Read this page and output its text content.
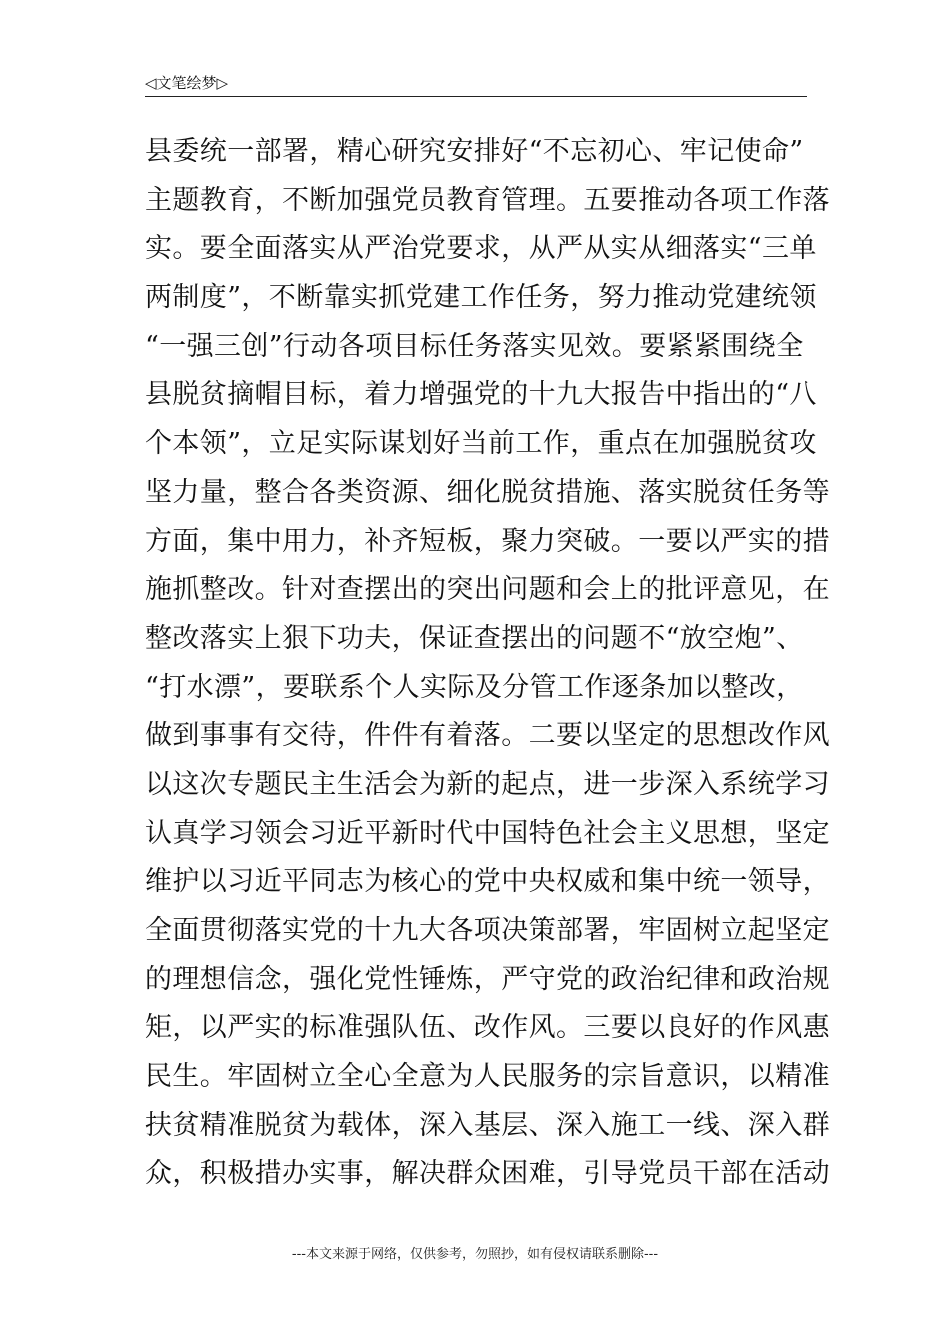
◁文笔绘梦▷
县委统一部署，精心研究安排好“不忘初心、牢记使命”
主题教育，不断加强党员教育管理。五要推动各项工作落
实。要全面落实从严治党要求，从严从实从细落实“三单
两制度”，不断靠实抓党建工作任务，努力推动党建统领
“一强三创”行动各项目标任务落实见效。要紧紧围绕全
县脱贫摘帽目标，着力增强党的十九大报告中指出的“八
个本领”，立足实际谋划好当前工作，重点在加强脱贫攻
坚力量，整合各类资源、细化脱贫措施、落实脱贫任务等
方面，集中用力，补齐短板，聚力突破。一要以严实的措
施抓整改。针对查摆出的突出问题和会上的批评意见，在
整改落实上狠下功夫，保证查摆出的问题不“放空炮”、
“打水漂”，要联系个人实际及分管工作逐条加以整改，
做到事事有交待，件件有着落。二要以坚定的思想改作风
以这次专题民主生活会为新的起点，进一步深入系统学习
认真学习领会习近平新时代中国特色社会主义思想，坚定
维护以习近平同志为核心的党中央权威和集中统一领导，
全面贯彻落实党的十九大各项决策部署，牢固树立起坚定
的理想信念，强化党性锤炼，严守党的政治纪律和政治规
矩，以严实的标准强队伍、改作风。三要以良好的作风惠
民生。牢固树立全心全意为人民服务的宗旨意识，以精准
扶贫精准脱贫为载体，深入基层、深入施工一线、深入群
众，积极措办实事，解决群众困难，引导党员干部在活动
---本文来源于网络，仅供参考，勿照抄，如有侵权请联系删除---
